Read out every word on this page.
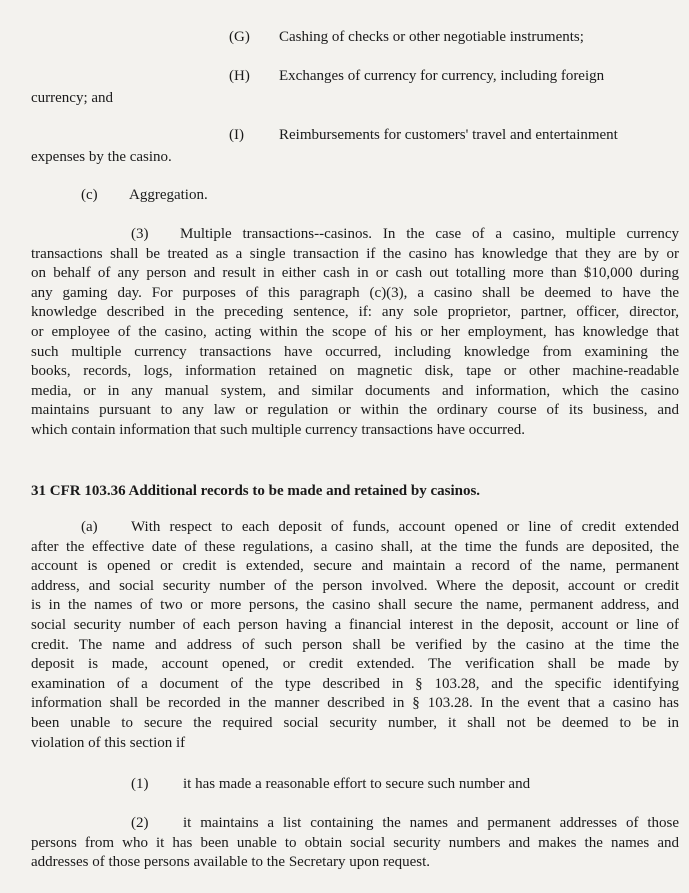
(G) Cashing of checks or other negotiable instruments;

(H) Exchanges of currency for currency, including foreign

currency; and

(I) Reimbursements for customers' travel and entertainment

expenses by the casino.

(c) Aggregation.

(3) Multiple transactions--casinos. In the case of a casino, multiple currency
transactions shall be treated as a single transaction if the casino has knowledge that they are by or
on behalf of any person and result in either cash in or cash out totalling more than $10,000 during
any gaming day. For purposes of this paragraph (c)(3), a casino shall be deemed to have the
knowledge described in the preceding sentence, if: any sole proprietor, partner, officer, director,
or employee of the casino, acting within the scope of his or her employment, has knowledge that
such multiple currency transactions have occurred, including knowledge from examining the
books, records, logs, information retained on magnetic disk, tape or other machine-readable
media, or in any manual system, and similar documents and information, which the casino
maintains pursuant to any law or regulation or within the ordinary course of its business, and
which contain information that such multiple currency transactions have occurred.

31 CFR 103.36 Additional records to be made and retained by casinos.

(a) With respect to each deposit of funds, account opened or line of credit extended
after the effective date of these regulations, a casino shall, at the time the funds are deposited, the
account is opened or credit is extended, secure and maintain a record of the name, permanent
address, and social security number of the person involved. Where the deposit, account or credit
is in the names of two or more persons, the casino shall secure the name, permanent address, and
social security number of each person having a financial interest in the deposit, account or line of
credit. The name and address of such person shall be verified by the casino at the time the
deposit is made, account opened, or credit extended. The verification shall be made by
examination of a document of the type described in § 103.28, and the specific identifying
information shall be recorded in the manner described in § 103.28. In the event that a casino has
been unable to secure the required social security number, it shall not be deemed to be in
violation of this section if

(1) it has made a reasonable effort to secure such number and

(2) it maintains a list containing the names and permanent addresses of those
persons from who it has been unable to obtain social security numbers and makes the names and
addresses of those persons available to the Secretary upon request.
